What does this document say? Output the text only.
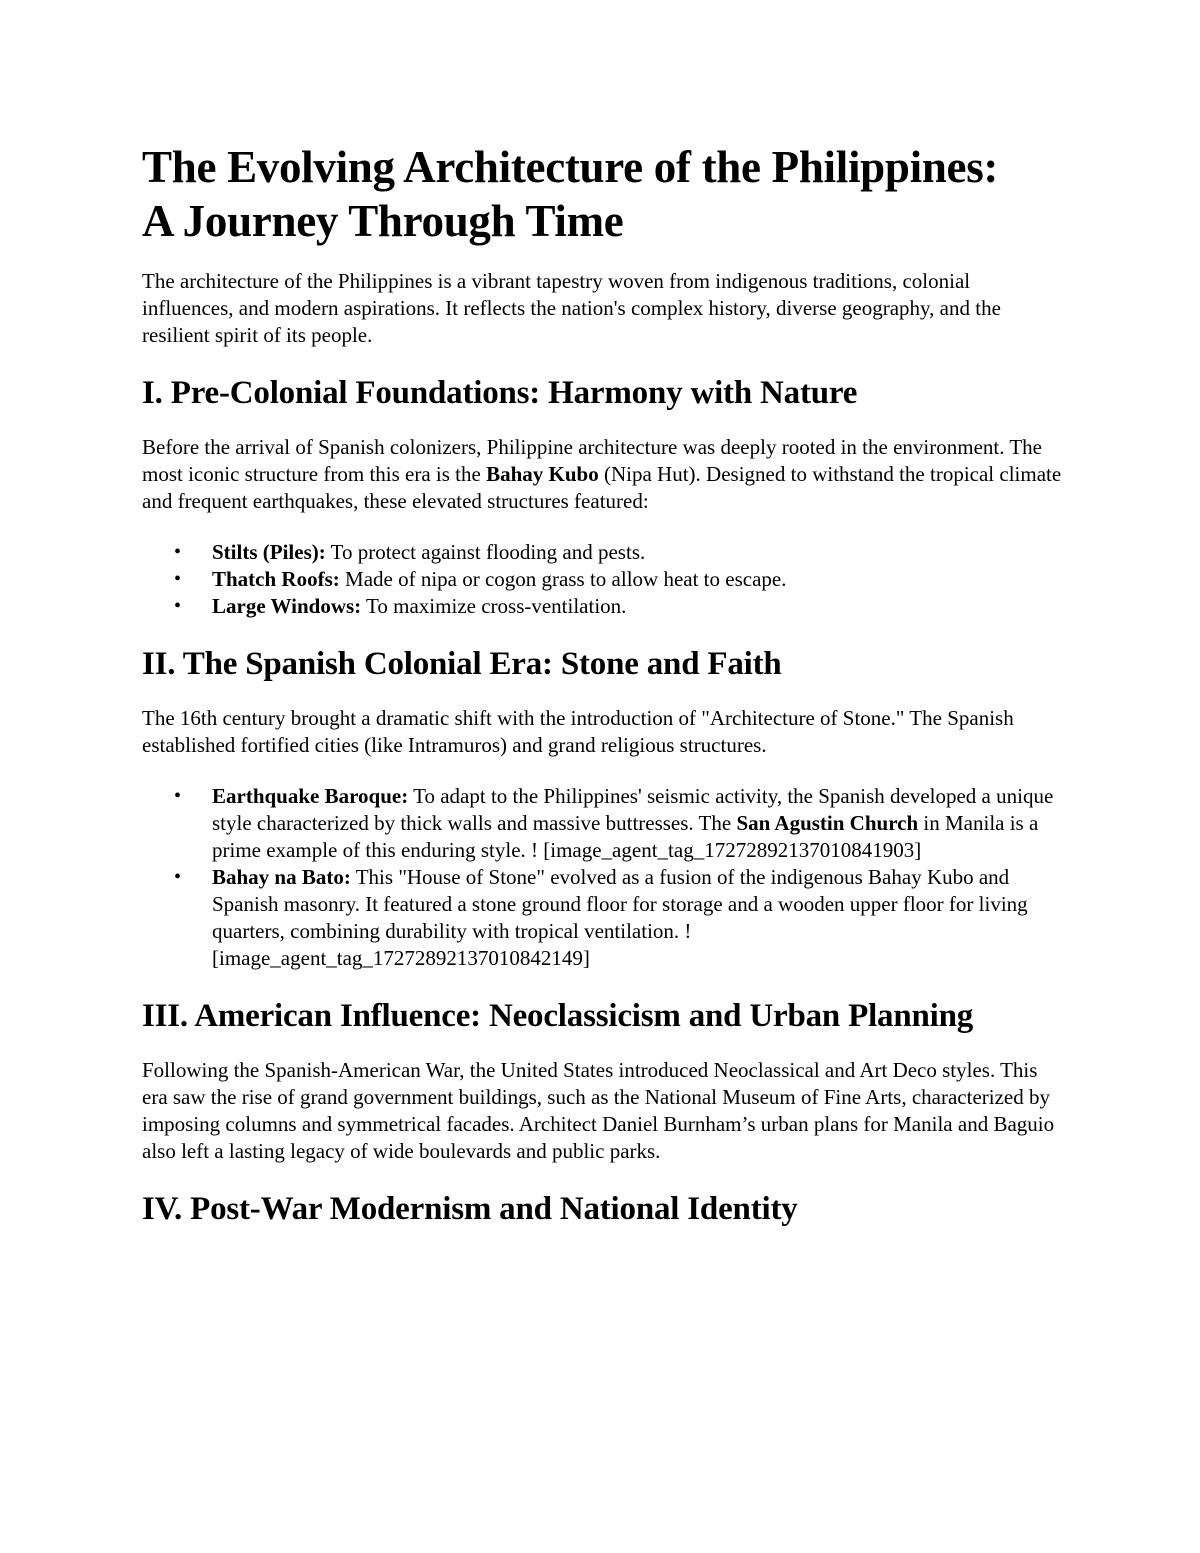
The Evolving Architecture of the Philippines:
A Journey Through Time

The architecture of the Philippines is a vibrant tapestry woven from indigenous traditions, colonial influences, and modern aspirations. It reflects the nation's complex history, diverse geography, and the resilient spirit of its people.

I. Pre-Colonial Foundations: Harmony with Nature

Before the arrival of Spanish colonizers, Philippine architecture was deeply rooted in the environment. The most iconic structure from this era is the Bahay Kubo (Nipa Hut). Designed to withstand the tropical climate and frequent earthquakes, these elevated structures featured:

• Stilts (Piles): To protect against flooding and pests.
• Thatch Roofs: Made of nipa or cogon grass to allow heat to escape.
• Large Windows: To maximize cross-ventilation.
II. The Spanish Colonial Era: Stone and Faith

The 16th century brought a dramatic shift with the introduction of "Architecture of Stone." The Spanish established fortified cities (like Intramuros) and grand religious structures.

• Earthquake Baroque: To adapt to the Philippines' seismic activity, the Spanish developed a unique style characterized by thick walls and massive buttresses. The San Agustin Church in Manila is a prime example of this enduring style. ! [image_agent_tag_17272892137010841903]
• Bahay na Bato: This "House of Stone" evolved as a fusion of the indigenous Bahay Kubo and Spanish masonry. It featured a stone ground floor for storage and a wooden upper floor for living quarters, combining durability with tropical ventilation. ! [image_agent_tag_17272892137010842149]
III. American Influence: Neoclassicism and Urban Planning

Following the Spanish-American War, the United States introduced Neoclassical and Art Deco styles. This era saw the rise of grand government buildings, such as the National Museum of Fine Arts, characterized by imposing columns and symmetrical facades. Architect Daniel Burnham’s urban plans for Manila and Baguio also left a lasting legacy of wide boulevards and public parks.

IV. Post-War Modernism and National Identity
